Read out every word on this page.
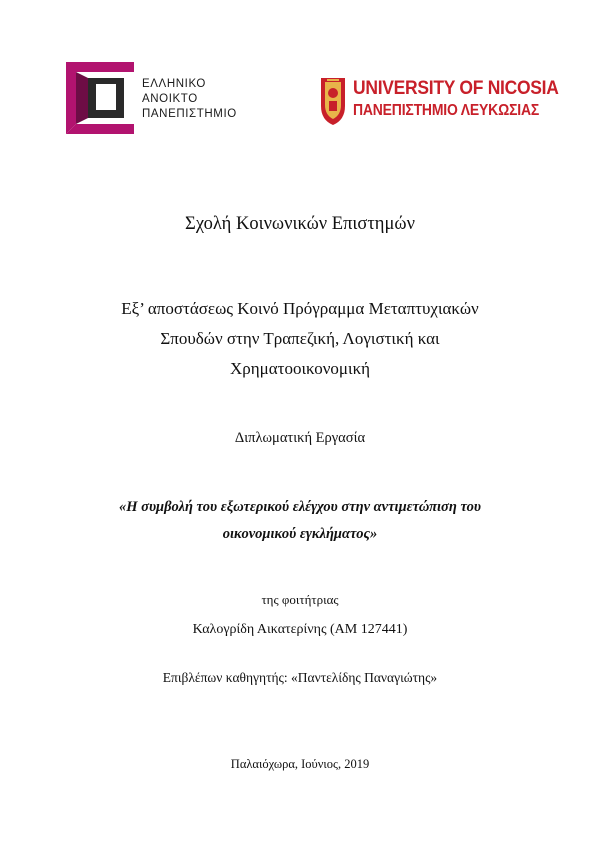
ΕΛΛΗΝΙΚΟ
ΑΝΟΙΚΤΟ
ΠΑΝΕΠΙΣΤΗΜΙΟ
UNIVERSITY OF NICOSIA
ΠΑΝΕΠΙΣΤΗΜΙΟ ΛΕΥΚΩΣΙΑΣ
Σχολή Κοινωνικών Επιστημών
Εξ’ αποστάσεως Κοινό Πρόγραμμα Μεταπτυχιακών
Σπουδών στην Τραπεζική, Λογιστική και
Χρηματοοικονομική
Διπλωματική Εργασία
«Η συμβολή του εξωτερικού ελέγχου στην αντιμετώπιση του
οικονομικού εγκλήματος»
της φοιτήτριας
Καλογρίδη Αικατερίνης (ΑΜ 127441)
Επιβλέπων καθηγητής: «Παντελίδης Παναγιώτης»
Παλαιόχωρα, Ιούνιος, 2019
